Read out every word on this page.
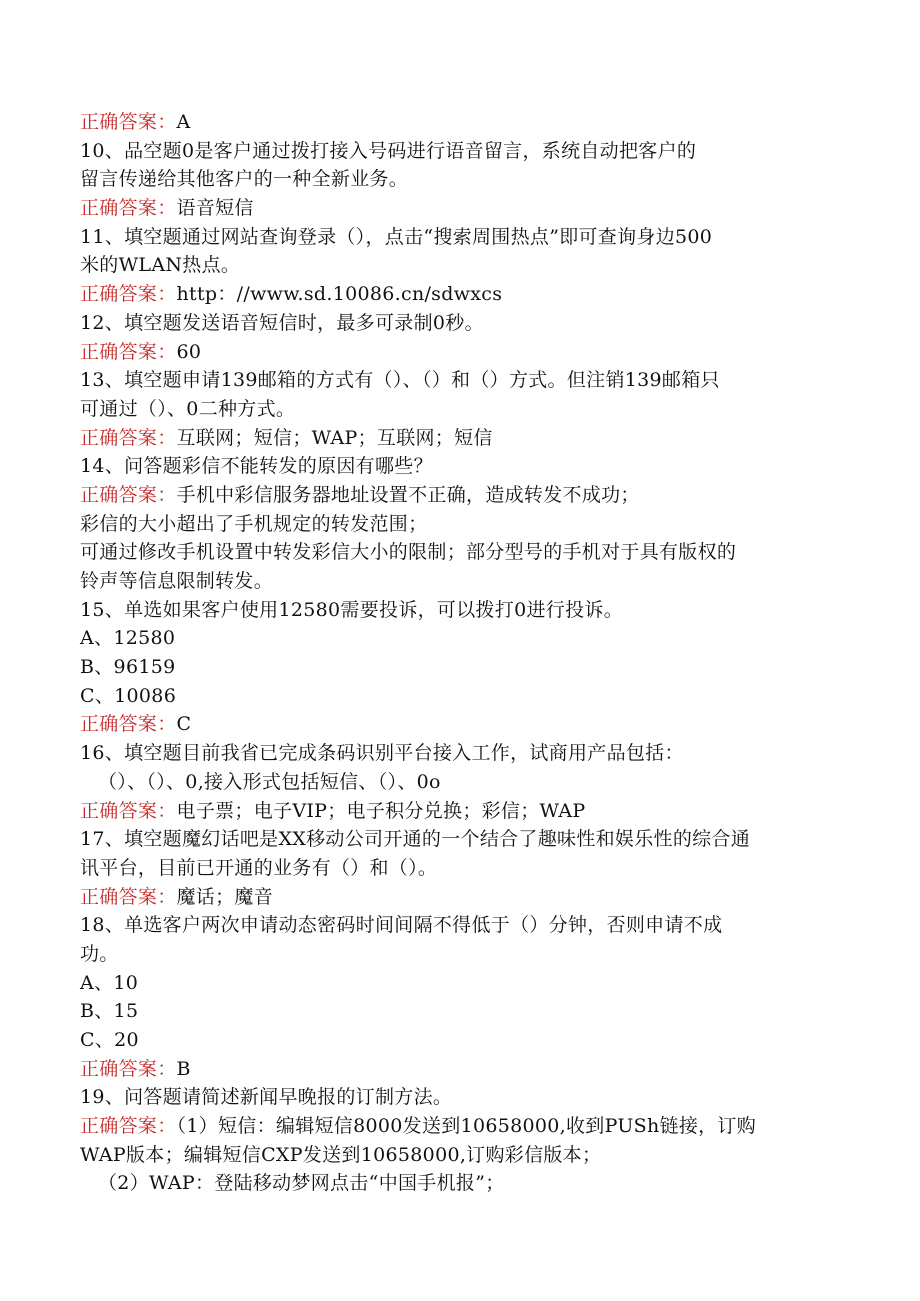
正确答案：A
10、品空题0是客户通过拨打接入号码进行语音留言，系统自动把客户的
留言传递给其他客户的一种全新业务。
正确答案：语音短信
11、填空题通过网站查询登录（），点击“搜索周围热点”即可查询身边500
米的WLAN热点。
正确答案：http：//www.sd.10086.cn/sdwxcs
12、填空题发送语音短信时，最多可录制0秒。
正确答案：60
13、填空题申请139邮箱的方式有（）、（）和（）方式。但注销139邮箱只
可通过（）、0二种方式。
正确答案：互联网；短信；WAP；互联网；短信
14、问答题彩信不能转发的原因有哪些？
正确答案：手机中彩信服务器地址设置不正确，造成转发不成功；
彩信的大小超出了手机规定的转发范围；
可通过修改手机设置中转发彩信大小的限制；部分型号的手机对于具有版权的
铃声等信息限制转发。
15、单选如果客户使用12580需要投诉，可以拨打0进行投诉。
A、12580
B、96159
C、10086
正确答案：C
16、填空题目前我省已完成条码识别平台接入工作，试商用产品包括：
（）、（）、0,接入形式包括短信、（）、0o
正确答案：电子票；电子VIP；电子积分兑换；彩信；WAP
17、填空题魔幻话吧是XX移动公司开通的一个结合了趣味性和娱乐性的综合通
讯平台，目前已开通的业务有（）和（）。
正确答案：魔话；魔音
18、单选客户两次申请动态密码时间间隔不得低于（）分钟，否则申请不成
功。
A、10
B、15
C、20
正确答案：B
19、问答题请简述新闻早晚报的订制方法。
正确答案：（1）短信：编辑短信8000发送到10658000,收到PUSh链接，订购
WAP版本；编辑短信CXP发送到10658000,订购彩信版本；
（2）WAP：登陆移动梦网点击“中国手机报”；
